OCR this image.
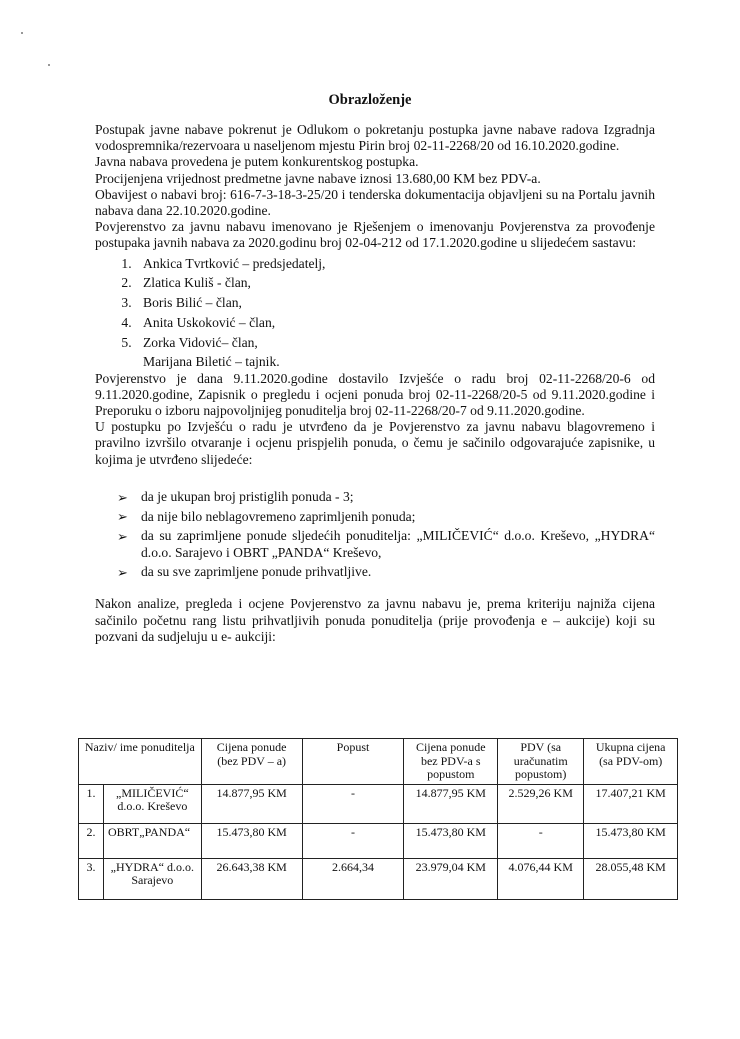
Obrazloženje

Postupak javne nabave pokrenut je Odlukom o pokretanju postupka javne nabave radova Izgradnja vodospremnika/rezervoara u naseljenom mjestu Pirin broj 02-11-2268/20 od 16.10.2020.godine.

Javna nabava provedena je putem konkurentskog postupka.

Procijenjena vrijednost predmetne javne nabave iznosi 13.680,00 KM bez PDV-a.

Obavijest o nabavi broj: 616-7-3-18-3-25/20 i tenderska dokumentacija objavljeni su na Portalu javnih nabava dana 22.10.2020.godine.

Povjerenstvo za javnu nabavu imenovano je Rješenjem o imenovanju Povjerenstva za provođenje postupaka javnih nabava za 2020.godinu broj 02-04-212 od 17.1.2020.godine u slijedećem sastavu:

1. Ankica Tvrtković – predsjedatelj,
2. Zlatica Kuliš - član,
3. Boris Bilić – član,
4. Anita Uskoković – član,
5. Zorka Vidović– član,
Marijana Biletić – tajnik.

Povjerenstvo je dana 9.11.2020.godine dostavilo Izvješće o radu broj 02-11-2268/20-6 od 9.11.2020.godine, Zapisnik o pregledu i ocjeni ponuda broj 02-11-2268/20-5 od 9.11.2020.godine i Preporuku o izboru najpovoljnijeg ponuditelja broj 02-11-2268/20-7 od 9.11.2020.godine.

U postupku po Izvješću o radu je utvrđeno da je Povjerenstvo za javnu nabavu blagovremeno i pravilno izvršilo otvaranje i ocjenu prispjelih ponuda, o čemu je sačinilo odgovarajuće zapisnike, u kojima je utvrđeno slijedeće:

➢ da je ukupan broj pristiglih ponuda - 3;
➢ da nije bilo neblagovremeno zaprimljenih ponuda;
➢ da su zaprimljene ponude sljedećih ponuditelja: „MILIČEVIĆ“ d.o.o. Kreševo, „HYDRA“ d.o.o. Sarajevo i OBRT „PANDA“ Kreševo,
➢ da su sve zaprimljene ponude prihvatljive.

Nakon analize, pregleda i ocjene Povjerenstvo za javnu nabavu je, prema kriteriju najniža cijena sačinilo početnu rang listu prihvatljivih ponuda ponuditelja (prije provođenja e – aukcije) koji su pozvani da sudjeluju u e- aukciji:

Naziv/ ime ponuditelja		Cijena ponude (bez PDV – a)	Popust	Cijena ponude bez PDV-a s popustom	PDV (sa uračunatim popustom)	Ukupna cijena (sa PDV-om)
1.	„MILIČEVIĆ“ d.o.o. Kreševo	14.877,95 KM	-	14.877,95 KM	2.529,26 KM	17.407,21 KM
2.	OBRT„PANDA“	15.473,80 KM	-	15.473,80 KM	-	15.473,80 KM
3.	„HYDRA“ d.o.o. Sarajevo	26.643,38 KM	2.664,34	23.979,04 KM	4.076,44 KM	28.055,48 KM
